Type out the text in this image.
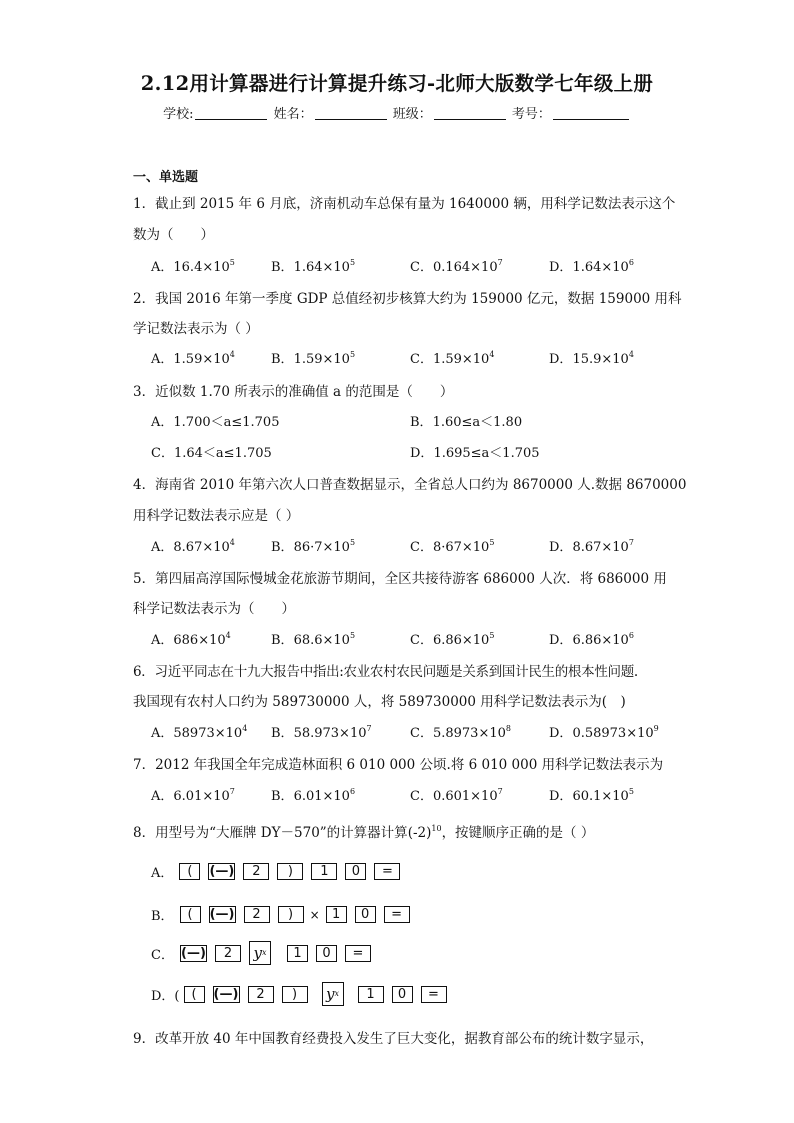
2.12用计算器进行计算提升练习-北师大版数学七年级上册
学校:	姓名：	班级：	考号：
一、单选题
1．截止到 2015 年 6 月底，济南机动车总保有量为 1640000 辆，用科学记数法表示这个
数为（　　）
A．$16.4\times 10^5$	B．$1.64\times 10^5$	C．$0.164\times 10^7$	D．$1.64\times 10^6$
2．我国 2016 年第一季度 GDP 总值经初步核算大约为 159000 亿元，数据 159000 用科
学记数法表示为（ ）
A．$1.59\times 10^4$	B．$1.59\times 10^5$	C．$1.59\times 10^4$	D．$15.9\times 10^4$
3．近似数 1.70 所表示的准确值 a 的范围是（　　）
A．1.700＜a≤1.705	B．1.60≤a＜1.80
C．1.64＜a≤1.705	D．1.695≤a＜1.705
4．海南省 2010 年第六次人口普查数据显示，全省总人口约为 8670000 人.数据 8670000
用科学记数法表示应是（ ）
A．$8.67\times 10^4$	B．$86\cdot 7\times 10^5$	C．$8\cdot 67\times 10^5$	D．$8.67\times 10^7$
5．第四届高淳国际慢城金花旅游节期间，全区共接待游客 686000 人次．将 686000 用
科学记数法表示为（　　）
A．$686\times 10^4$	B．$68.6\times 10^5$	C．$6.86\times 10^5$	D．$6.86\times 10^6$
6．习近平同志在十九大报告中指出:农业农村农民问题是关系到国计民生的根本性问题.
我国现有农村人口约为 589730000 人，将 589730000 用科学记数法表示为(　)
A．$58973\times 10^4$ B．$58.973\times 10^7$	C．$5.8973\times 10^8$	D．$0.58973\times 10^9$
7．2012 年我国全年完成造林面积 6 010 000 公顷.将 6 010 000 用科学记数法表示为
A．$6.01\times 10^7$	B．$6.01\times 10^6$	C．$0.601\times 10^7$	D．$60.1\times 10^5$
8．用型号为“大雁牌 DY－570”的计算器计算$(-2)^{10}$，按键顺序正确的是（ ）
A．	(	(—)	2	)	1	0	=
B．	(	(—)	2	)	× 1	0	=
C． (—)	2	y x	1	0	=
D．( (	(—)	2	)	y x	1	0	=
9．改革开放 40 年中国教育经费投入发生了巨大变化，据教育部公布的统计数字显示，
